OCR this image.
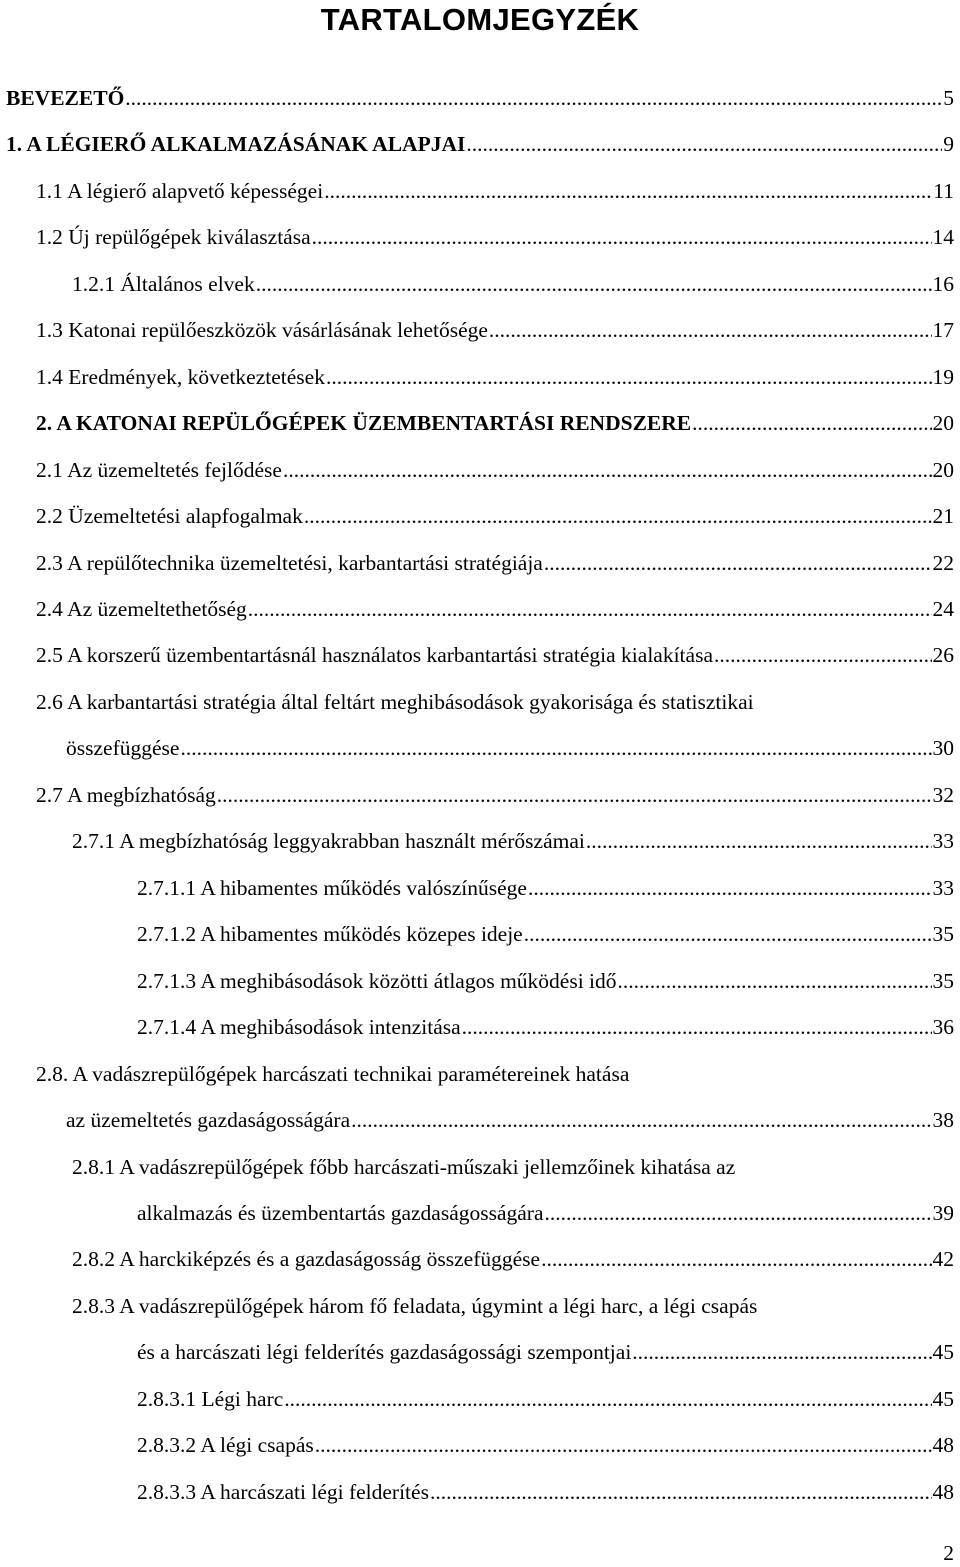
TARTALOMJEGYZÉK
BEVEZETŐ .....	5
1. A LÉGIERŐ ALKALMAZÁSÁNAK ALAPJAI .....	9
1.1 A légierő alapvető képességei .....	11
1.2 Új repülőgépek kiválasztása .....	14
1.2.1 Általános elvek .....	16
1.3 Katonai repülőeszközök vásárlásának lehetősége .....	17
1.4 Eredmények, következtetések .....	19
2. A KATONAI REPÜLŐGÉPEK ÜZEMBENTARTÁSI RENDSZERE .....	20
2.1 Az üzemeltetés fejlődése .....	20
2.2 Üzemeltetési alapfogalmak .....	21
2.3 A repülőtechnika üzemeltetési, karbantartási stratégiája .....	22
2.4 Az üzemeltethetőség .....	24
2.5 A korszerű üzembentartásnál használatos karbantartási stratégia kialakítása .....	26
2.6 A karbantartási stratégia által feltárt meghibásodások gyakorisága és statisztikai
összefüggése .....	30
2.7 A megbízhatóság .....	32
2.7.1 A megbízhatóság leggyakrabban használt mérőszámai .....	33
2.7.1.1 A hibamentes működés valószínűsége .....	33
2.7.1.2 A hibamentes működés közepes ideje .....	35
2.7.1.3 A meghibásodások közötti átlagos működési idő .....	35
2.7.1.4 A meghibásodások intenzitása .....	36
2.8. A vadászrepülőgépek harcászati technikai paramétereinek hatása
az üzemeltetés gazdaságosságára .....	38
2.8.1 A vadászrepülőgépek főbb harcászati-műszaki jellemzőinek kihatása az
alkalmazás és üzembentartás gazdaságosságára .....	39
2.8.2 A harckiképzés és a gazdaságosság összefüggése .....	42
2.8.3 A vadászrepülőgépek három fő feladata, úgymint a légi harc, a légi csapás
és a harcászati légi felderítés gazdaságossági szempontjai .....	45
2.8.3.1 Légi harc .....	45
2.8.3.2 A légi csapás .....	48
2.8.3.3 A harcászati légi felderítés .....	48
2
